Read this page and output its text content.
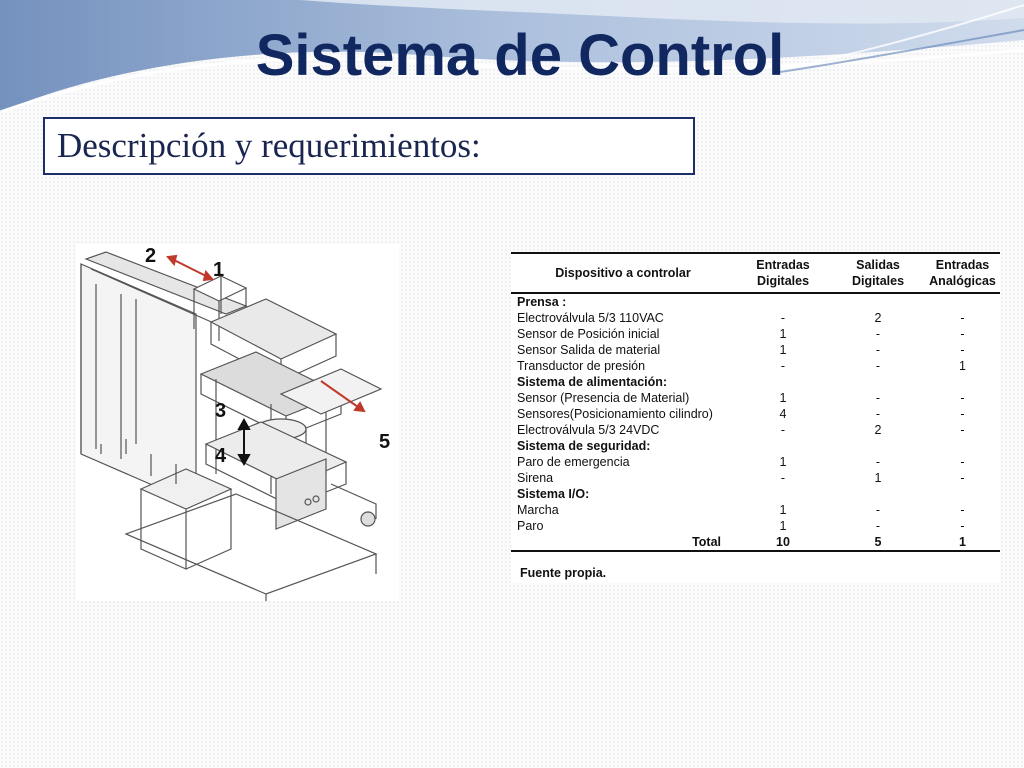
Sistema de Control
Descripción y requerimientos:
2
1
3
4
5
Dispositivo a controlar	Entradas Digitales	Salidas Digitales	Entradas Analógicas
Prensa :			
Electroválvula 5/3 110VAC	-	2	-
Sensor de Posición inicial	1	-	-
Sensor Salida de material	1	-	-
Transductor de presión	-	-	1
Sistema de alimentación:			
Sensor (Presencia de Material)	1	-	-
Sensores(Posicionamiento cilindro)	4	-	-
Electroválvula 5/3 24VDC	-	2	-
Sistema de seguridad:			
Paro de emergencia	1	-	-
Sirena	-	1	-
Sistema I/O:			
Marcha	1	-	-
Paro	1	-	-
Total	10	5	1
Fuente propia.
